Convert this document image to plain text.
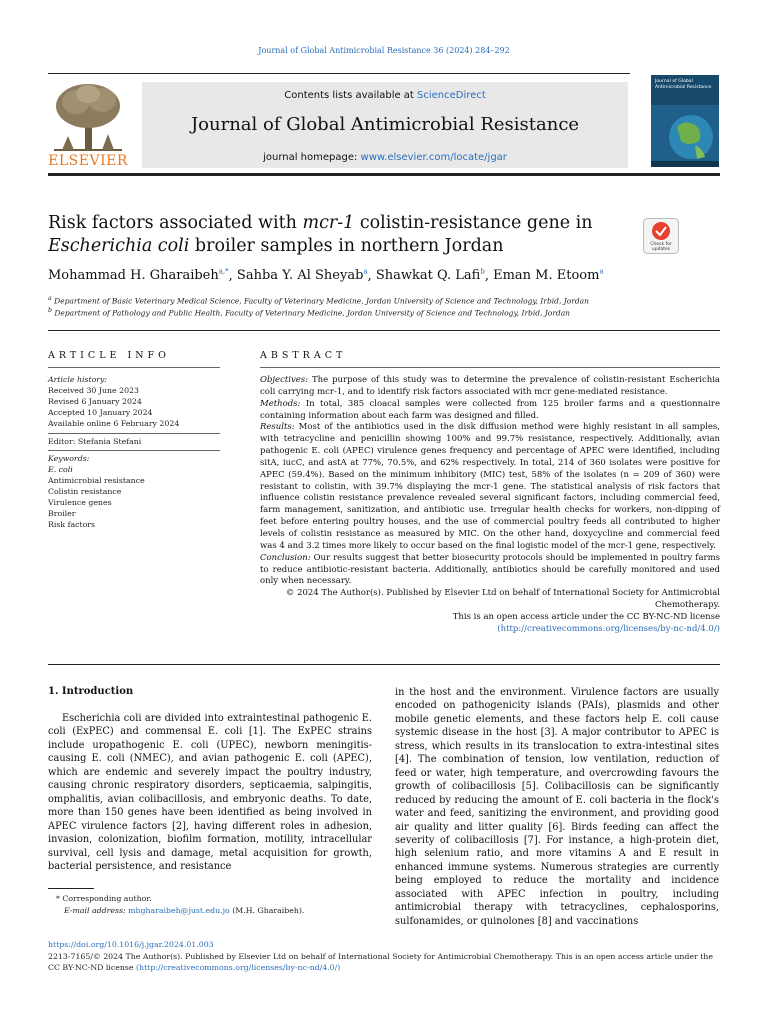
Journal of Global Antimicrobial Resistance 36 (2024) 284–292
ELSEVIER
Contents lists available at ScienceDirect
Journal of Global Antimicrobial Resistance
journal homepage: www.elsevier.com/locate/jgar
Journal of Global Antimicrobial Resistance
Risk factors associated with mcr-1 colistin-resistance gene in
Escherichia coli broiler samples in northern Jordan	Check for updates
Mohammad H. Gharaibeh$^{a,*}$, Sahba Y. Al Sheyab$^a$, Shawkat Q. Lafi$^b$, Eman M. Etoom$^a$
$^a$ Department of Basic Veterinary Medical Science, Faculty of Veterinary Medicine, Jordan University of Science and Technology, Irbid, Jordan
$^b$ Department of Pathology and Public Health, Faculty of Veterinary Medicine, Jordan University of Science and Technology, Irbid, Jordan
ARTICLE INFO	ABSTRACT
Article history:
Received 30 June 2023
Revised 6 January 2024
Accepted 10 January 2024
Available online 6 February 2024
Editor: Stefania Stefani
Keywords:
E. coli
Antimicrobial resistance
Colistin resistance
Virulence genes
Broiler
Risk factors

Objectives: The purpose of this study was to determine the prevalence of colistin-resistant Escherichia coli carrying mcr-1, and to identify risk factors associated with mcr gene-mediated resistance.

Methods: In total, 385 cloacal samples were collected from 125 broiler farms and a questionnaire containing information about each farm was designed and filled.

Results: Most of the antibiotics used in the disk diffusion method were highly resistant in all samples, with tetracycline and penicillin showing 100% and 99.7% resistance, respectively. Additionally, avian pathogenic E. coli (APEC) virulence genes frequency and percentage of APEC were identified, including sitA, iucC, and astA at 77%, 70.5%, and 62% respectively. In total, 214 of 360 isolates were positive for APEC (59.4%). Based on the minimum inhibitory (MIC) test, 58% of the isolates (n = 209 of 360) were resistant to colistin, with 39.7% displaying the mcr-1 gene. The statistical analysis of risk factors that influence colistin resistance prevalence revealed several significant factors, including commercial feed, farm management, sanitization, and antibiotic use. Irregular health checks for workers, non-dipping of feet before entering poultry houses, and the use of commercial poultry feeds all contributed to higher levels of colistin resistance as measured by MIC. On the other hand, doxycycline and commercial feed was 4 and 3.2 times more likely to occur based on the final logistic model of the mcr-1 gene, respectively.

Conclusion: Our results suggest that better biosecurity protocols should be implemented in poultry farms to reduce antibiotic-resistant bacteria. Additionally, antibiotics should be carefully monitored and used only when necessary.

© 2024 The Author(s). Published by Elsevier Ltd on behalf of International Society for Antimicrobial Chemotherapy.
This is an open access article under the CC BY-NC-ND license
(http://creativecommons.org/licenses/by-nc-nd/4.0/)

1. Introduction
Escherichia coli are divided into extraintestinal pathogenic E. coli (ExPEC) and commensal E. coli [1]. The ExPEC strains include uropathogenic E. coli (UPEC), newborn meningitis-causing E. coli (NMEC), and avian pathogenic E. coli (APEC), which are endemic and severely impact the poultry industry, causing chronic respiratory disorders, septicaemia, salpingitis, omphalitis, avian colibacillosis, and embryonic deaths. To date, more than 150 genes have been identified as being involved in APEC virulence factors [2], having different roles in adhesion, invasion, colonization, biofilm formation, motility, intracellular survival, cell lysis and damage, metal acquisition for growth, bacterial persistence, and resistance
in the host and the environment. Virulence factors are usually encoded on pathogenicity islands (PAIs), plasmids and other mobile genetic elements, and these factors help E. coli cause systemic disease in the host [3]. A major contributor to APEC is stress, which results in its translocation to extra-intestinal sites [4]. The combination of tension, low ventilation, reduction of feed or water, high temperature, and overcrowding favours the growth of colibacillosis [5]. Colibacillosis can be significantly reduced by reducing the amount of E. coli bacteria in the flock's water and feed, sanitizing the environment, and providing good air quality and litter quality [6]. Birds feeding can affect the severity of colibacillosis [7]. For instance, a high-protein diet, high selenium ratio, and more vitamins A and E result in enhanced immune systems. Numerous strategies are currently being employed to reduce the mortality and incidence associated with APEC infection in poultry, including antimicrobial therapy with tetracyclines, cephalosporins, sulfonamides, or quinolones [8] and vaccinations
* Corresponding author.
E-mail address: mhgharaibeh@just.edu.jo (M.H. Gharaibeh).
https://doi.org/10.1016/j.jgar.2024.01.003
2213-7165/© 2024 The Author(s). Published by Elsevier Ltd on behalf of International Society for Antimicrobial Chemotherapy. This is an open access article under the CC BY-NC-ND license (http://creativecommons.org/licenses/by-nc-nd/4.0/)
